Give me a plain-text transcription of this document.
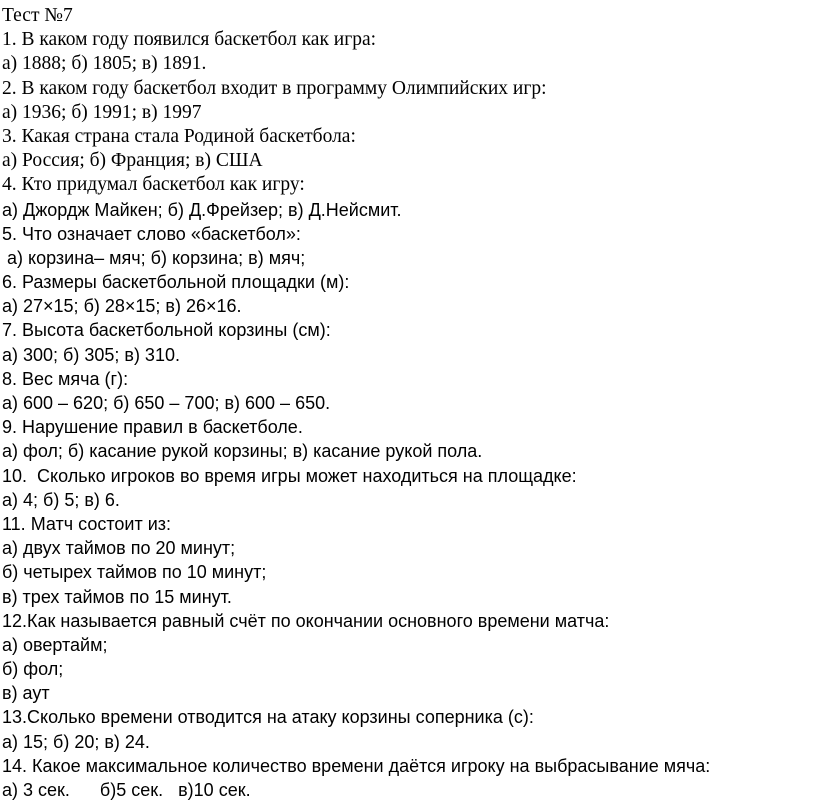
Тест №7
1. В каком году появился баскетбол как игра:
а) 1888; б) 1805; в) 1891.
2. В каком году баскетбол входит в программу Олимпийских игр:
а) 1936; б) 1991; в) 1997
3. Какая страна стала Родиной баскетбола:
а) Россия; б) Франция; в) США
4. Кто придумал баскетбол как игру:
а) Джордж Майкен; б) Д.Фрейзер; в) Д.Нейсмит.
5. Что означает слово «баскетбол»:
а) корзина– мяч; б) корзина; в) мяч;
6. Размеры баскетбольной площадки (м):
а) 27×15; б) 28×15; в) 26×16.
7. Высота баскетбольной корзины (см):
а) 300; б) 305; в) 310.
8. Вес мяча (г):
а) 600 – 620; б) 650 – 700; в) 600 – 650.
9. Нарушение правил в баскетболе.
а) фол; б) касание рукой корзины; в) касание рукой пола.
10.  Сколько игроков во время игры может находиться на площадке:
а) 4; б) 5; в) 6.
11. Матч состоит из:
а) двух таймов по 20 минут;
б) четырех таймов по 10 минут;
в) трех таймов по 15 минут.
12.Как называется равный счёт по окончании основного времени матча:
а) овертайм;
б) фол;
в) аут
13.Сколько времени отводится на атаку корзины соперника (с):
а) 15; б) 20; в) 24.
14. Какое максимальное количество времени даётся игроку на выбрасывание мяча:
а) 3 сек.      б)5 сек.   в)10 сек.
